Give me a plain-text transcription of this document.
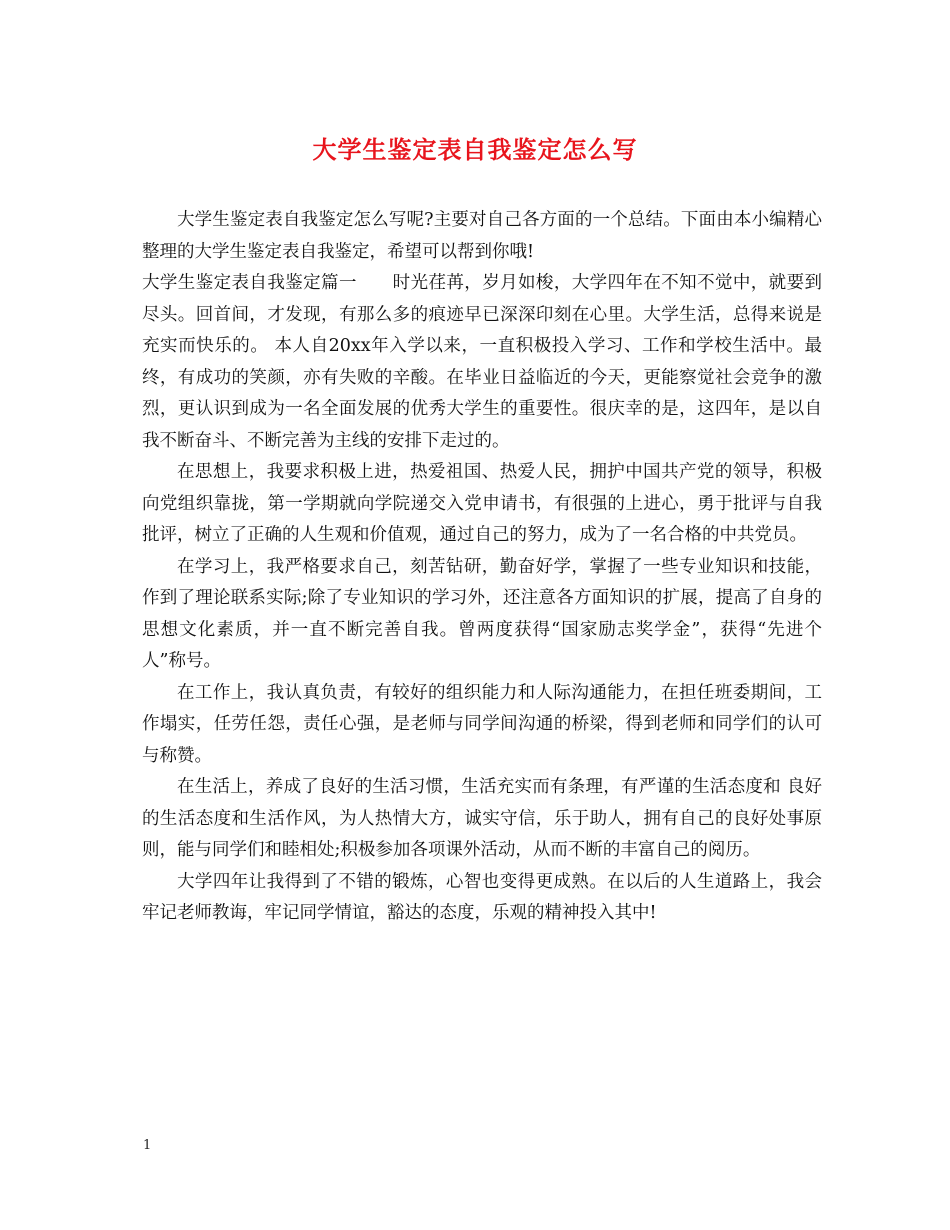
大学生鉴定表自我鉴定怎么写

大学生鉴定表自我鉴定怎么写呢?主要对自己各方面的一个总结。下面由本小编精心整理的大学生鉴定表自我鉴定，希望可以帮到你哦!

大学生鉴定表自我鉴定篇一　　时光荏苒，岁月如梭，大学四年在不知不觉中，就要到尽头。回首间，才发现，有那么多的痕迹早已深深印刻在心里。大学生活，总得来说是充实而快乐的。 本人自20xx年入学以来，一直积极投入学习、工作和学校生活中。最终，有成功的笑颜，亦有失败的辛酸。在毕业日益临近的今天，更能察觉社会竞争的激烈，更认识到成为一名全面发展的优秀大学生的重要性。很庆幸的是，这四年，是以自我不断奋斗、不断完善为主线的安排下走过的。

在思想上，我要求积极上进，热爱祖国、热爱人民，拥护中国共产党的领导，积极向党组织靠拢，第一学期就向学院递交入党申请书，有很强的上进心，勇于批评与自我批评，树立了正确的人生观和价值观，通过自己的努力，成为了一名合格的中共党员。

在学习上，我严格要求自己，刻苦钻研，勤奋好学，掌握了一些专业知识和技能，作到了理论联系实际;除了专业知识的学习外，还注意各方面知识的扩展，提高了自身的思想文化素质，并一直不断完善自我。曾两度获得“国家励志奖学金”，获得“先进个人”称号。

在工作上，我认真负责，有较好的组织能力和人际沟通能力，在担任班委期间，工作塌实，任劳任怨，责任心强，是老师与同学间沟通的桥梁，得到老师和同学们的认可与称赞。

在生活上，养成了良好的生活习惯，生活充实而有条理，有严谨的生活态度和 良好的生活态度和生活作风，为人热情大方，诚实守信，乐于助人，拥有自己的良好处事原则，能与同学们和睦相处;积极参加各项课外活动，从而不断的丰富自己的阅历。

大学四年让我得到了不错的锻炼，心智也变得更成熟。在以后的人生道路上，我会牢记老师教诲，牢记同学情谊，豁达的态度，乐观的精神投入其中!

1
